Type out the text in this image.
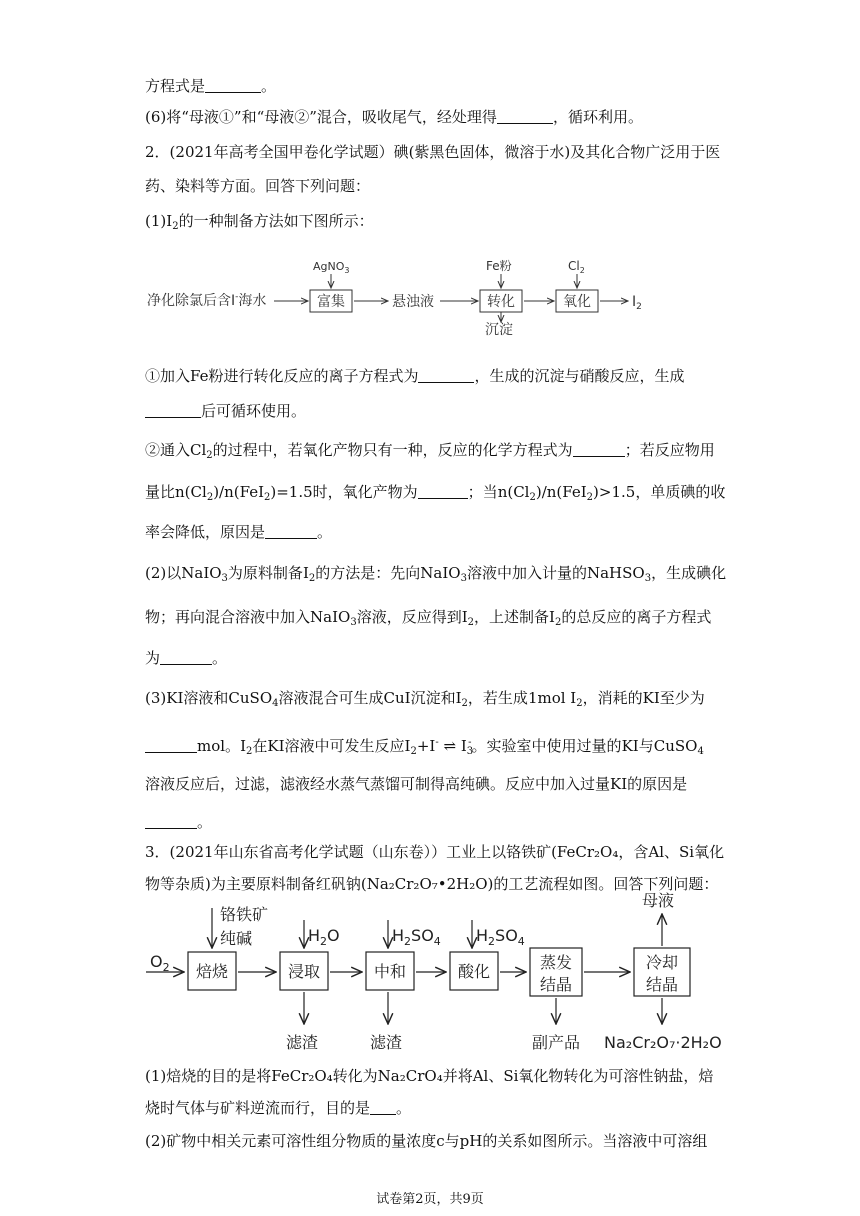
方程式是	。
(6)将“母液①”和“母液②”混合，吸收尾气，经处理得	，循环利用。
2．(2021年高考全国甲卷化学试题）碘(紫黑色固体，微溶于水)及其化合物广泛用于医
药、染料等方面。回答下列问题：
$(1)I_2$的一种制备方法如下图所示：
净化除氯后含I-海水	富集
AgNO$_3$
悬浊液	转化
Fe粉
沉淀
氧化
$Cl_2$
$I_2$
$O_2$ 焙烧
铬铁矿
纯碱
浸取
$H_2O$
滤渣
中和
$H_2SO_4$
滤渣
酸化
$H_2SO_4$
蒸发
结晶
副产品
冷却
结晶
母液
Na₂Cr₂O₇·2H₂O
①加入Fe粉进行转化反应的离子方程式为	，生成的沉淀与硝酸反应，生成
后可循环使用。
②通入$Cl_2$的过程中，若氧化产物只有一种，反应的化学方程式为	；若反应物用
量比$n(Cl_2)/n(FeI_2)=1.5$时，氧化产物为	；当$n(Cl_2)/n(FeI_2)>1.5$，单质碘的收
率会降低，原因是	。
(2)以NaIO$_3$为原料制备$I_2$的方法是：先向NaIO$_3$溶液中加入计量的NaHSO$_3$，生成碘化
物；再向混合溶液中加入NaIO$_3$溶液，反应得到$I_2$，上述制备$I_2$的总反应的离子方程式
为	。
(3)KI溶液和CuSO$_4$溶液混合可生成CuI沉淀和$I_2$，若生成1mol $I_2$，消耗的KI至少为
mol。$I_2$在KI溶液中可发生反应$I_2+I^-$ ⇌ $I_3^-$。实验室中使用过量的KI与CuSO$_4$
溶液反应后，过滤，滤液经水蒸气蒸馏可制得高纯碘。反应中加入过量KI的原因是
。
3．(2021年山东省高考化学试题（山东卷））工业上以铬铁矿(FeCr₂O₄，含Al、Si氧化
物等杂质)为主要原料制备红矾钠(Na₂Cr₂O₇•2H₂O)的工艺流程如图。回答下列问题：
(1)焙烧的目的是将FeCr₂O₄转化为Na₂CrO₄并将Al、Si氧化物转化为可溶性钠盐，焙
烧时气体与矿料逆流而行，目的是 。
(2)矿物中相关元素可溶性组分物质的量浓度c与pH的关系如图所示。当溶液中可溶组
试卷第2页，共9页
